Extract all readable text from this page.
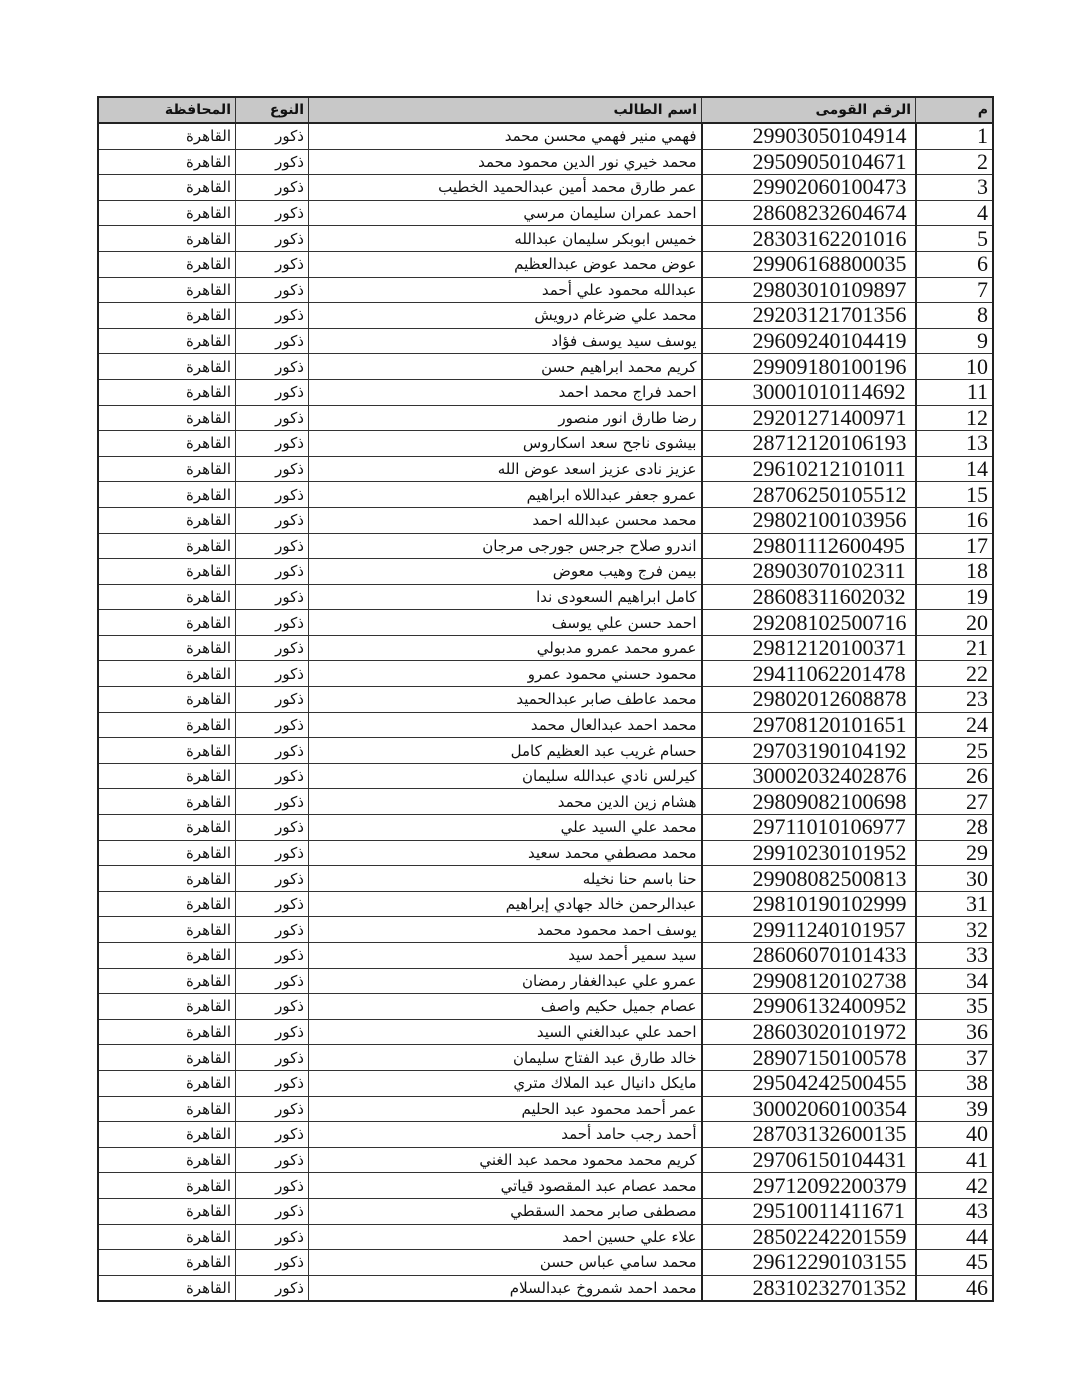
م	الرقم القومى	اسم الطالب	النوع	المحافظة
1	29903050104914	فهمي منير فهمي محسن محمد	ذكور	القاهرة
2	29509050104671	محمد خيري نور الدين محمود محمد	ذكور	القاهرة
3	29902060100473	عمر طارق محمد أمين عبدالحميد الخطيب	ذكور	القاهرة
4	28608232604674	احمد عمران سليمان مرسي	ذكور	القاهرة
5	28303162201016	خميس ابوبكر سليمان عبدالله	ذكور	القاهرة
6	29906168800035	عوض محمد عوض عبدالعظيم	ذكور	القاهرة
7	29803010109897	عبدالله محمود علي أحمد	ذكور	القاهرة
8	29203121701356	محمد علي ضرغام درويش	ذكور	القاهرة
9	29609240104419	يوسف سيد يوسف فؤاد	ذكور	القاهرة
10	29909180100196	كريم محمد ابراهيم حسن	ذكور	القاهرة
11	30001010114692	احمد فراج محمد احمد	ذكور	القاهرة
12	29201271400971	رضا طارق انور منصور	ذكور	القاهرة
13	28712120106193	بيشوى ناجح سعد اسكاروس	ذكور	القاهرة
14	29610212101011	عزيز نادى عزيز اسعد عوض الله	ذكور	القاهرة
15	28706250105512	عمرو جعفر عبداللاه ابراهيم	ذكور	القاهرة
16	29802100103956	محمد محسن عبدالله احمد	ذكور	القاهرة
17	29801112600495	اندرو صلاح جرجس جورجى مرجان	ذكور	القاهرة
18	28903070102311	بيمن فرج وهيب معوض	ذكور	القاهرة
19	28608311602032	كامل ابراهيم السعودى ندا	ذكور	القاهرة
20	29208102500716	احمد حسن علي يوسف	ذكور	القاهرة
21	29812120100371	عمرو محمد عمرو مدبولي	ذكور	القاهرة
22	29411062201478	محمود حسني محمود عمرو	ذكور	القاهرة
23	29802012608878	محمد عاطف صابر عبدالحميد	ذكور	القاهرة
24	29708120101651	محمد احمد عبدالعال محمد	ذكور	القاهرة
25	29703190104192	حسام غريب عبد العظيم كامل	ذكور	القاهرة
26	30002032402876	كيرلس نادي عبدالله سليمان	ذكور	القاهرة
27	29809082100698	هشام زين الدين محمد	ذكور	القاهرة
28	29711010106977	محمد علي السيد علي	ذكور	القاهرة
29	29910230101952	محمد مصطفي محمد سعيد	ذكور	القاهرة
30	29908082500813	حنا باسم حنا نخيله	ذكور	القاهرة
31	29810190102999	عبدالرحمن خالد جهادي إبراهيم	ذكور	القاهرة
32	29911240101957	يوسف احمد محمود محمد	ذكور	القاهرة
33	28606070101433	سيد سمير أحمد سيد	ذكور	القاهرة
34	29908120102738	عمرو علي عبدالغفار رمضان	ذكور	القاهرة
35	29906132400952	عصام جميل حكيم واصف	ذكور	القاهرة
36	28603020101972	احمد علي عبدالغني السيد	ذكور	القاهرة
37	28907150100578	خالد طارق عبد الفتاح سليمان	ذكور	القاهرة
38	29504242500455	مايكل دانيال عبد الملاك متري	ذكور	القاهرة
39	30002060100354	عمر أحمد محمود عبد الحليم	ذكور	القاهرة
40	28703132600135	أحمد رجب حامد أحمد	ذكور	القاهرة
41	29706150104431	كريم محمد محمود محمد عبد الغني	ذكور	القاهرة
42	29712092200379	محمد عصام عبد المقصود قياتي	ذكور	القاهرة
43	29510011411671	مصطفى صابر محمد السقطي	ذكور	القاهرة
44	28502242201559	علاء علي حسين احمد	ذكور	القاهرة
45	29612290103155	محمد سامي عباس حسن	ذكور	القاهرة
46	28310232701352	محمد احمد شمروخ عبدالسلام	ذكور	القاهرة
